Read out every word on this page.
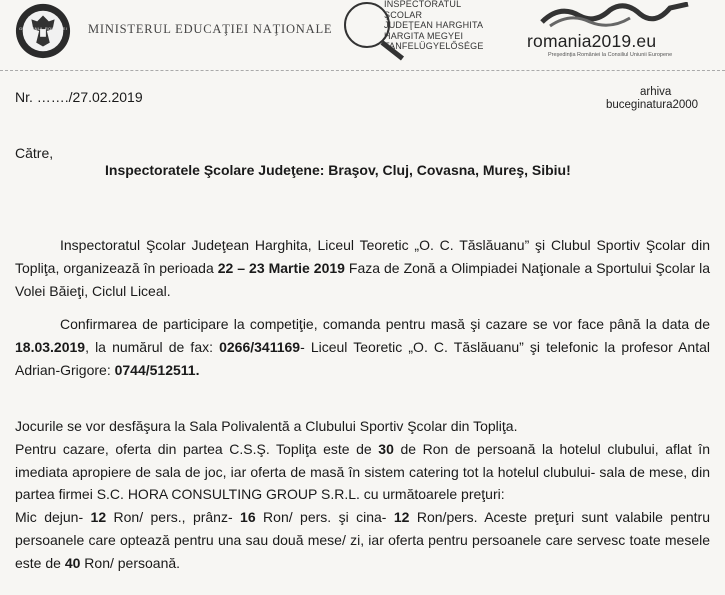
GUVERNUL ROMÂNIEI	MINISTERUL EDUCAŢIEI NAŢIONALE
INSPECTORATUL ŞCOLAR
JUDEŢEAN HARGHITA
HARGITA MEGYEI
TANFELÜGYELŐSÉGE	romania2019.eu
Preşedinţia României la Consiliul Uniunii Europene
Nr. ……./27.02.2019	arhiva
buceginatura2000
Către,
Inspectoratele Şcolare Judeţene: Braşov, Cluj, Covasna, Mureş, Sibiu!

Inspectoratul Şcolar Judeţean Harghita, Liceul Teoretic „O. C. Tăslăuanu” şi Clubul Sportiv Şcolar din Topliţa, organizează în perioada 22 – 23 Martie 2019 Faza de Zonă a Olimpiadei Naţionale a Sportului Şcolar la Volei Băieţi, Ciclul Liceal.

Confirmarea de participare la competiţie, comanda pentru masă şi cazare se vor face până la data de 18.03.2019, la numărul de fax: 0266/341169- Liceul Teoretic „O. C. Tăslăuanu” şi telefonic la profesor Antal Adrian-Grigore: 0744/512511.

Jocurile se vor desfăşura la Sala Polivalentă a Clubului Sportiv Şcolar din Topliţa.

Pentru cazare, oferta din partea C.S.Ş. Topliţa este de 30 de Ron de persoană la hotelul clubului, aflat în imediata apropiere de sala de joc, iar oferta de masă în sistem catering tot la hotelul clubului- sala de mese, din partea firmei S.C. HORA CONSULTING GROUP S.R.L. cu următoarele preţuri:

Mic dejun- 12 Ron/ pers., prânz- 16 Ron/ pers. şi cina- 12 Ron/pers. Aceste preţuri sunt valabile pentru persoanele care optează pentru una sau două mese/ zi, iar oferta pentru persoanele care servesc toate mesele este de 40 Ron/ persoană.
